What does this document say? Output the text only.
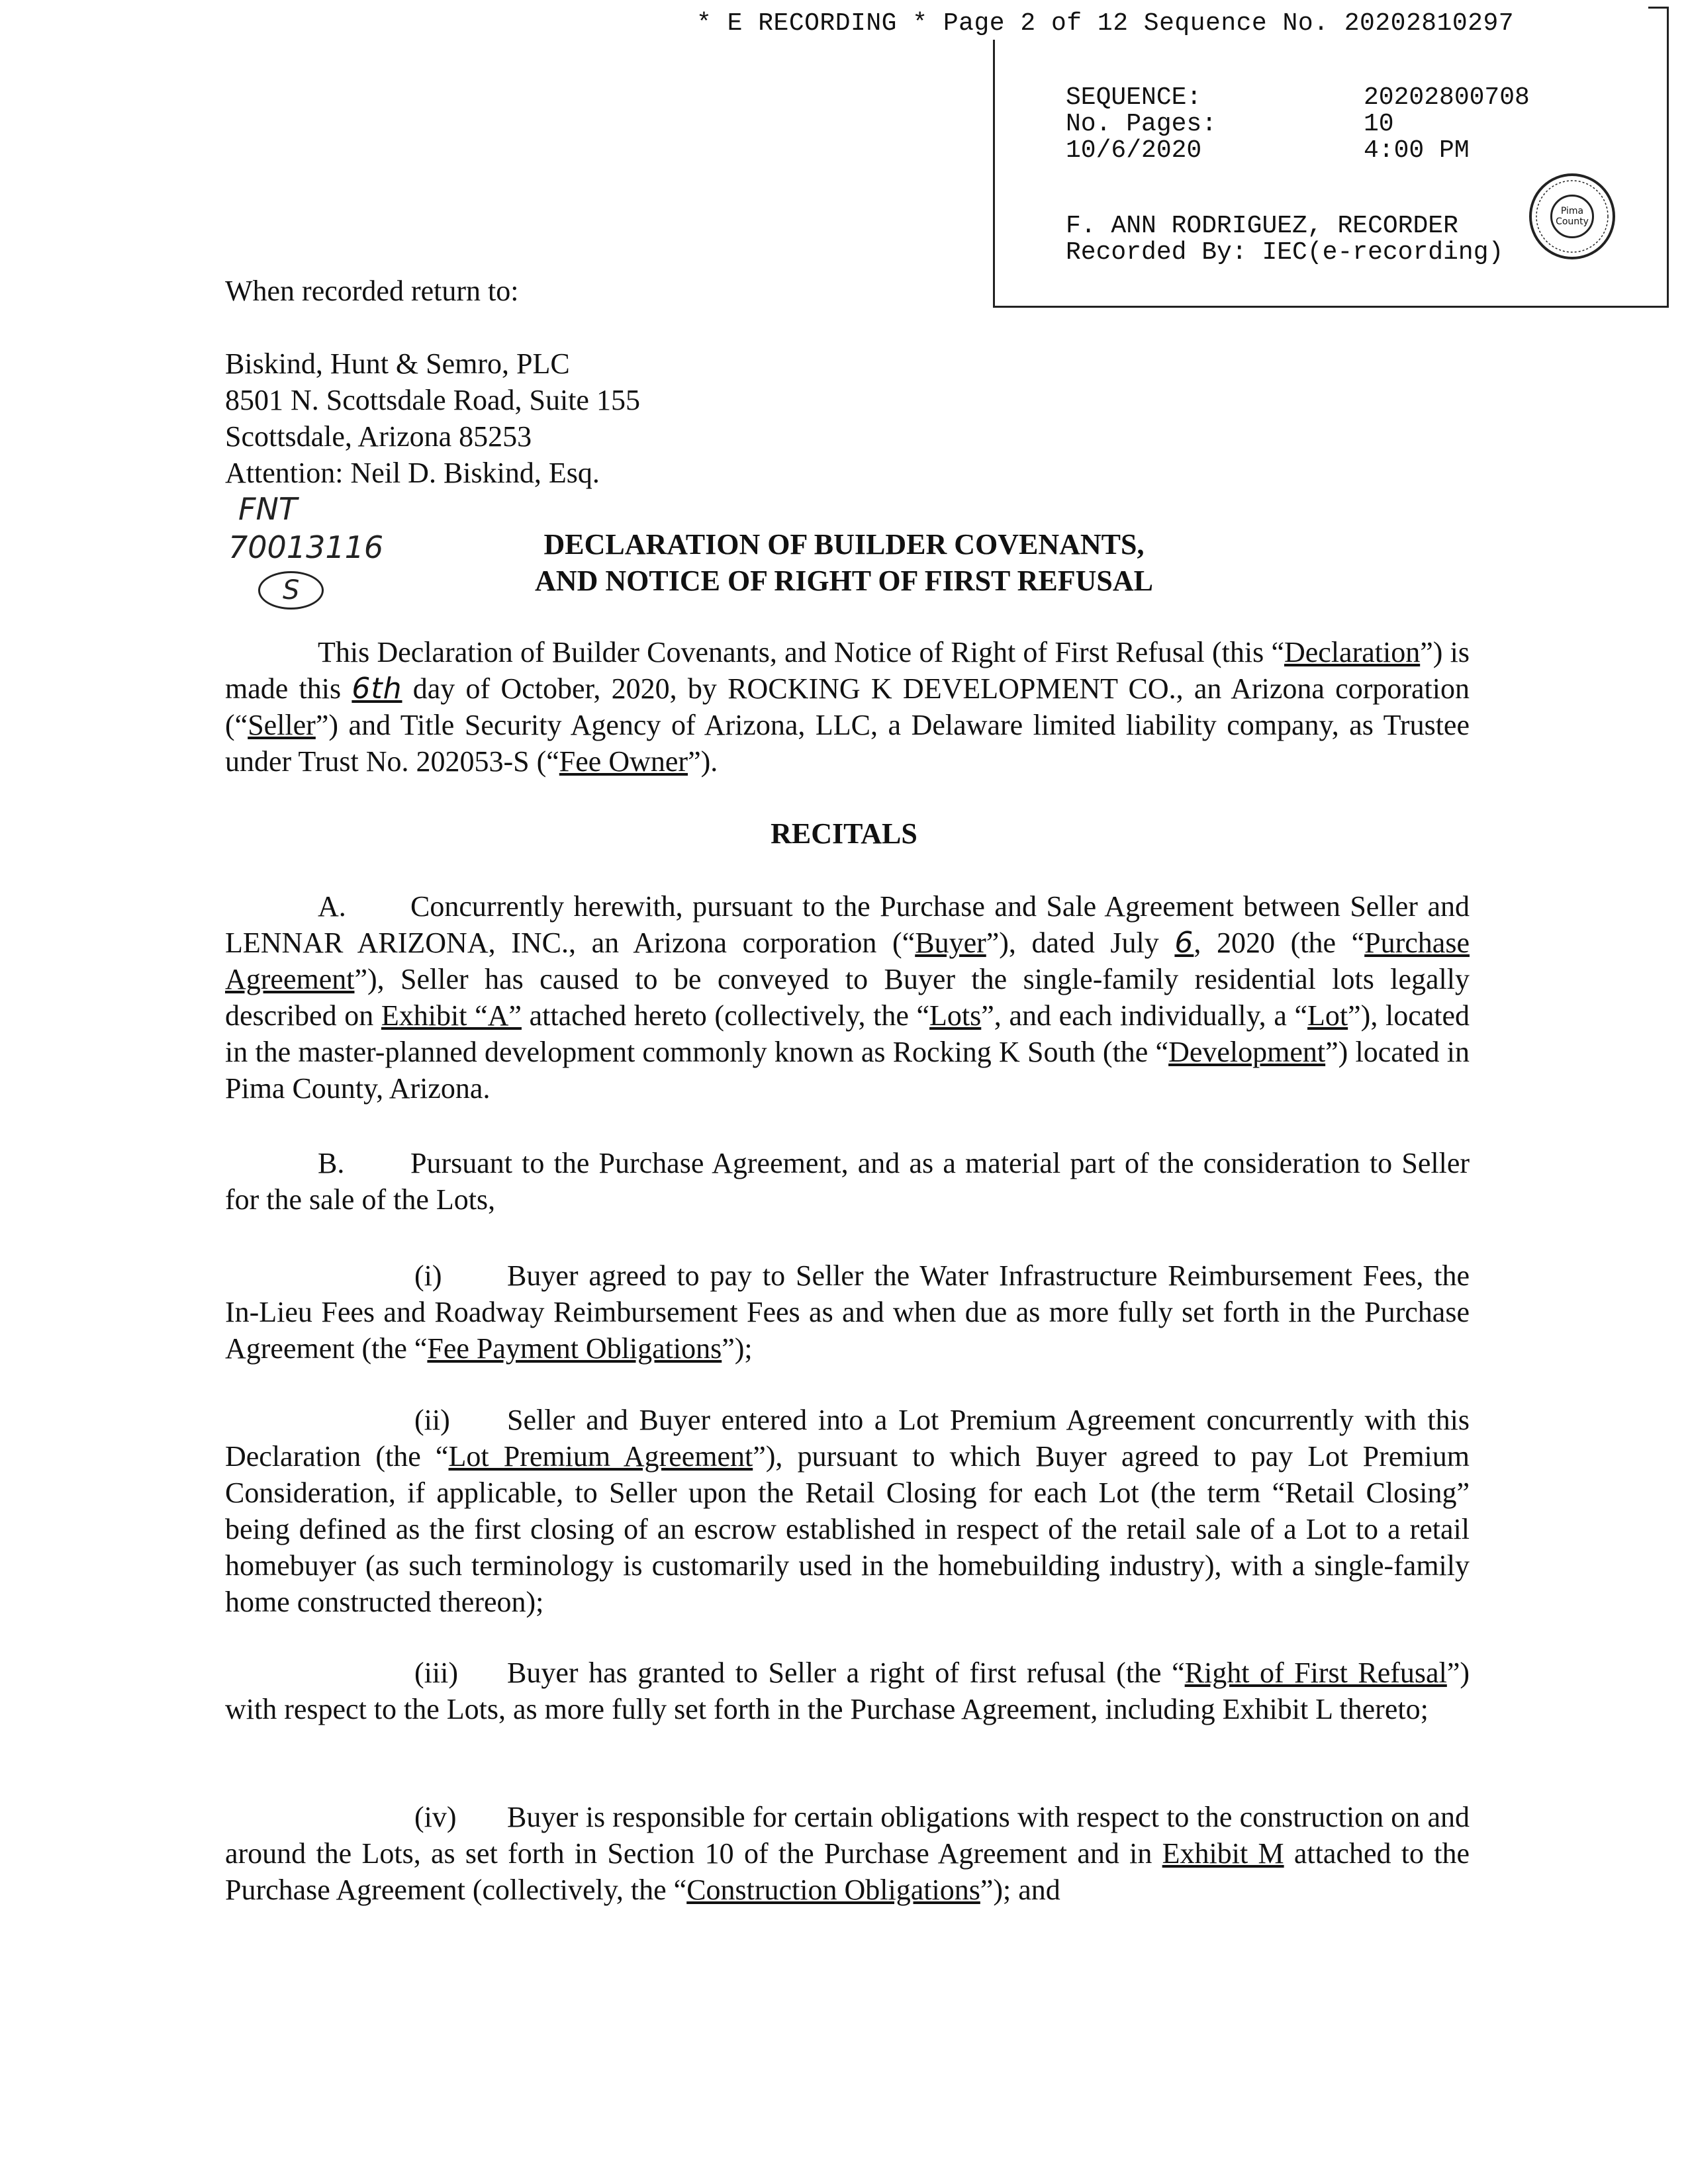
* E RECORDING * Page 2 of 12 Sequence No. 20202810297
SEQUENCE:	20202800708
No. Pages:	10
10/6/2020	4:00 PM
F. ANN RODRIGUEZ, RECORDER
Recorded By: IEC(e-recording)
Pima
County
When recorded return to:
Biskind, Hunt & Semro, PLC
8501 N. Scottsdale Road, Suite 155
Scottsdale, Arizona 85253
Attention: Neil D. Biskind, Esq.
FNT
70013116
S
DECLARATION OF BUILDER COVENANTS,
AND NOTICE OF RIGHT OF FIRST REFUSAL
This Declaration of Builder Covenants, and Notice of Right of First Refusal (this “Declaration”) is made this 6th day of October, 2020, by ROCKING K DEVELOPMENT CO., an Arizona corporation (“Seller”) and Title Security Agency of Arizona, LLC, a Delaware limited liability company, as Trustee under Trust No. 202053-S (“Fee Owner”).
RECITALS
A. Concurrently herewith, pursuant to the Purchase and Sale Agreement between Seller and LENNAR ARIZONA, INC., an Arizona corporation (“Buyer”), dated July 6, 2020 (the “Purchase Agreement”), Seller has caused to be conveyed to Buyer the single-family residential lots legally described on Exhibit “A” attached hereto (collectively, the “Lots”, and each individually, a “Lot”), located in the master-planned development commonly known as Rocking K South (the “Development”) located in Pima County, Arizona.
B. Pursuant to the Purchase Agreement, and as a material part of the consideration to Seller for the sale of the Lots,
(i) Buyer agreed to pay to Seller the Water Infrastructure Reimbursement Fees, the In-Lieu Fees and Roadway Reimbursement Fees as and when due as more fully set forth in the Purchase Agreement (the “Fee Payment Obligations”);
(ii) Seller and Buyer entered into a Lot Premium Agreement concurrently with this Declaration (the “Lot Premium Agreement”), pursuant to which Buyer agreed to pay Lot Premium Consideration, if applicable, to Seller upon the Retail Closing for each Lot (the term “Retail Closing” being defined as the first closing of an escrow established in respect of the retail sale of a Lot to a retail homebuyer (as such terminology is customarily used in the homebuilding industry), with a single-family home constructed thereon);
(iii) Buyer has granted to Seller a right of first refusal (the “Right of First Refusal”) with respect to the Lots, as more fully set forth in the Purchase Agreement, including Exhibit L thereto;
(iv) Buyer is responsible for certain obligations with respect to the construction on and around the Lots, as set forth in Section 10 of the Purchase Agreement and in Exhibit M attached to the Purchase Agreement (collectively, the “Construction Obligations”); and
